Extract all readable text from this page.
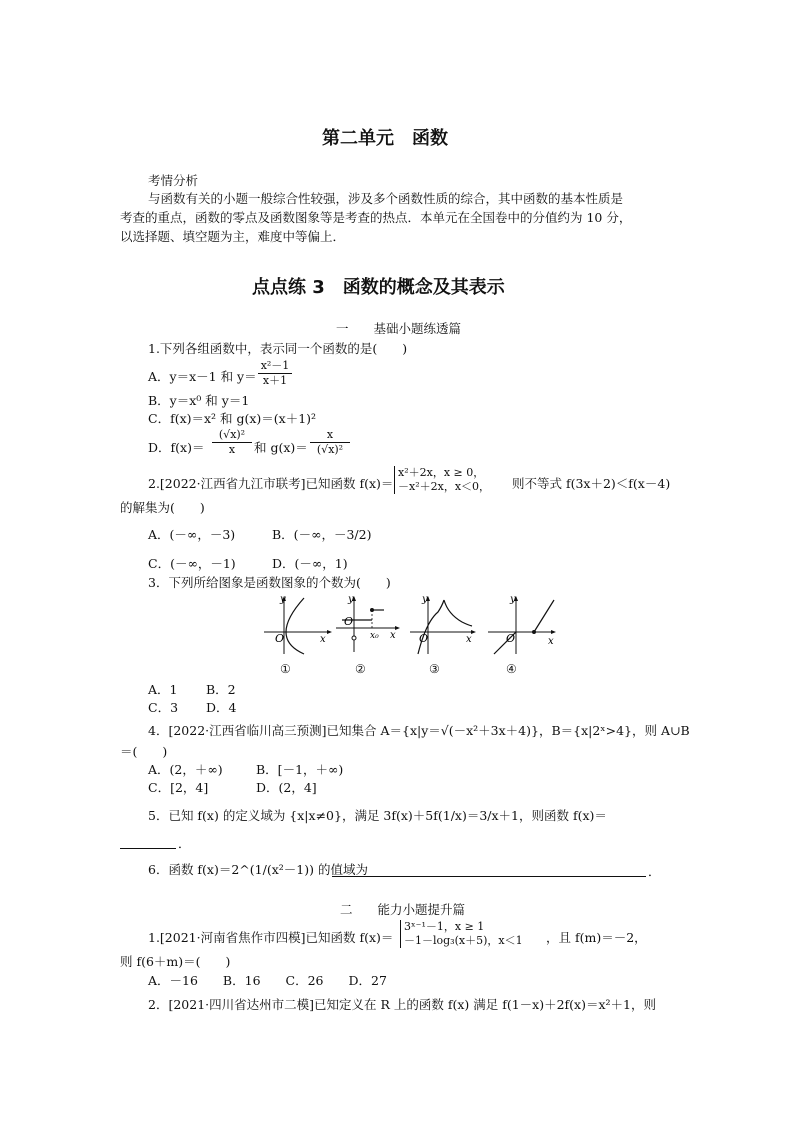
第二单元　函数
考情分析
与函数有关的小题一般综合性较强，涉及多个函数性质的综合，其中函数的基本性质是
考查的重点，函数的零点及函数图象等是考查的热点．本单元在全国卷中的分值约为 10 分，
以选择题、填空题为主，难度中等偏上．
点点练 3　函数的概念及其表示
一　　基础小题练透篇
1.下列各组函数中，表示同一个函数的是(　　)
A．y＝x－1 和 $y= \frac{\text{x²－1}}{x+1}$
B．y＝x⁰ 和 y＝1
C．f(x)＝x² 和 g(x)＝(x＋1)²
D．$f(x)= \frac{\text{(√x)²}}{x}$ 和 $g(x)= \frac{x}{\text{(√x)²}}$
2.[2022·江西省九江市联考]已知函数 f(x)＝
x²＋2x，x ≥ 0，
－x²＋2x，x＜0， 则不等式 f(3x＋2)＜f(x－4)
的解集为(　　)
A．(－∞，－3)	B．(－∞，－3/2)
C．(－∞，－1)	D．(－∞，1)
3．下列所给图象是函数图象的个数为(　　)
O
y
x
O
y
x
x₀	O
y
x	O
y
x
①	②	③	④
A．1 B．2
C．3 D．4
4．[2022·江西省临川高三预测]已知集合 A＝{x|y＝√(－x²＋3x＋4)}，B＝{x|2ˣ>4}，则 A∪B
＝(　　)
A．(2，＋∞)	B．[－1，＋∞)
C．[2，4]	D．(2，4]
5．已知 f(x) 的定义域为 {x|x≠0}，满足 3f(x)＋5f(1/x)＝3/x＋1，则函数 f(x)＝
．
6．函数 f(x)＝2^(1/(x²－1)) 的值域为	．
二　　能力小题提升篇
1.[2021·河南省焦作市四模]已知函数 f(x)＝
3ˣ⁻¹－1，x ≥ 1
－1－log₃(x＋5)，x＜1 ，且 f(m)＝－2，
则 f(6＋m)＝(　　)
A．－16　　B．16　　C．26　　D．27
2．[2021·四川省达州市二模]已知定义在 R 上的函数 f(x) 满足 f(1－x)＋2f(x)＝x²＋1，则
